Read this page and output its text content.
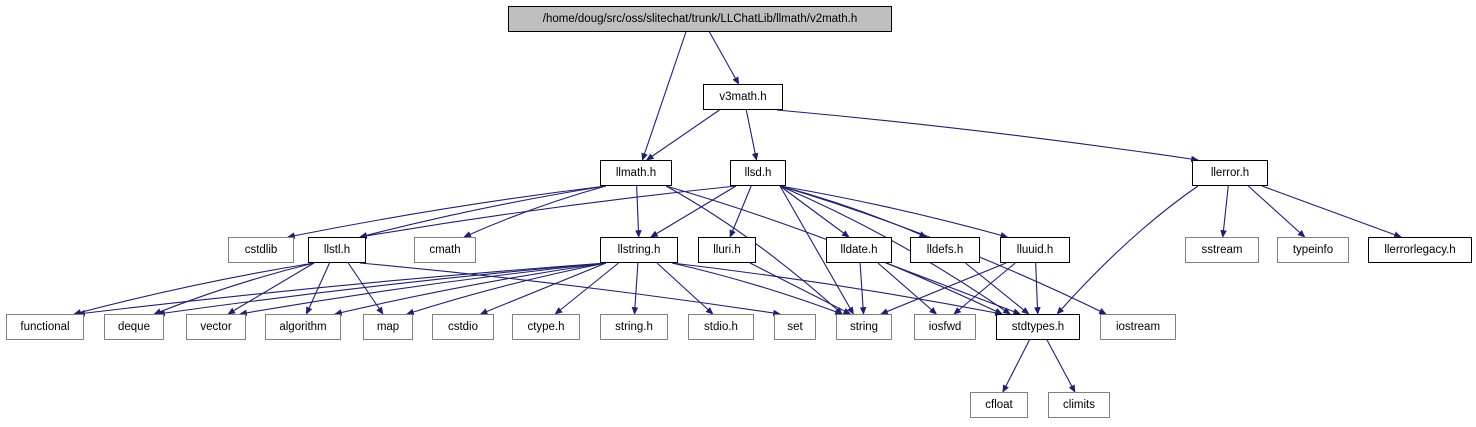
/home/doug/src/oss/slitechat/trunk/LLChatLib/llmath/v2math.h
v3math.h
llmath.h	llsd.h	llerror.h
cstdlib	llstl.h	cmath	llstring.h	lluri.h	lldate.h	lldefs.h	lluuid.h	sstream	typeinfo	llerrorlegacy.h
functional	deque	vector	algorithm	map	cstdio	ctype.h	string.h	stdio.h	set	string	iosfwd	stdtypes.h	iostream
cfloat	climits
